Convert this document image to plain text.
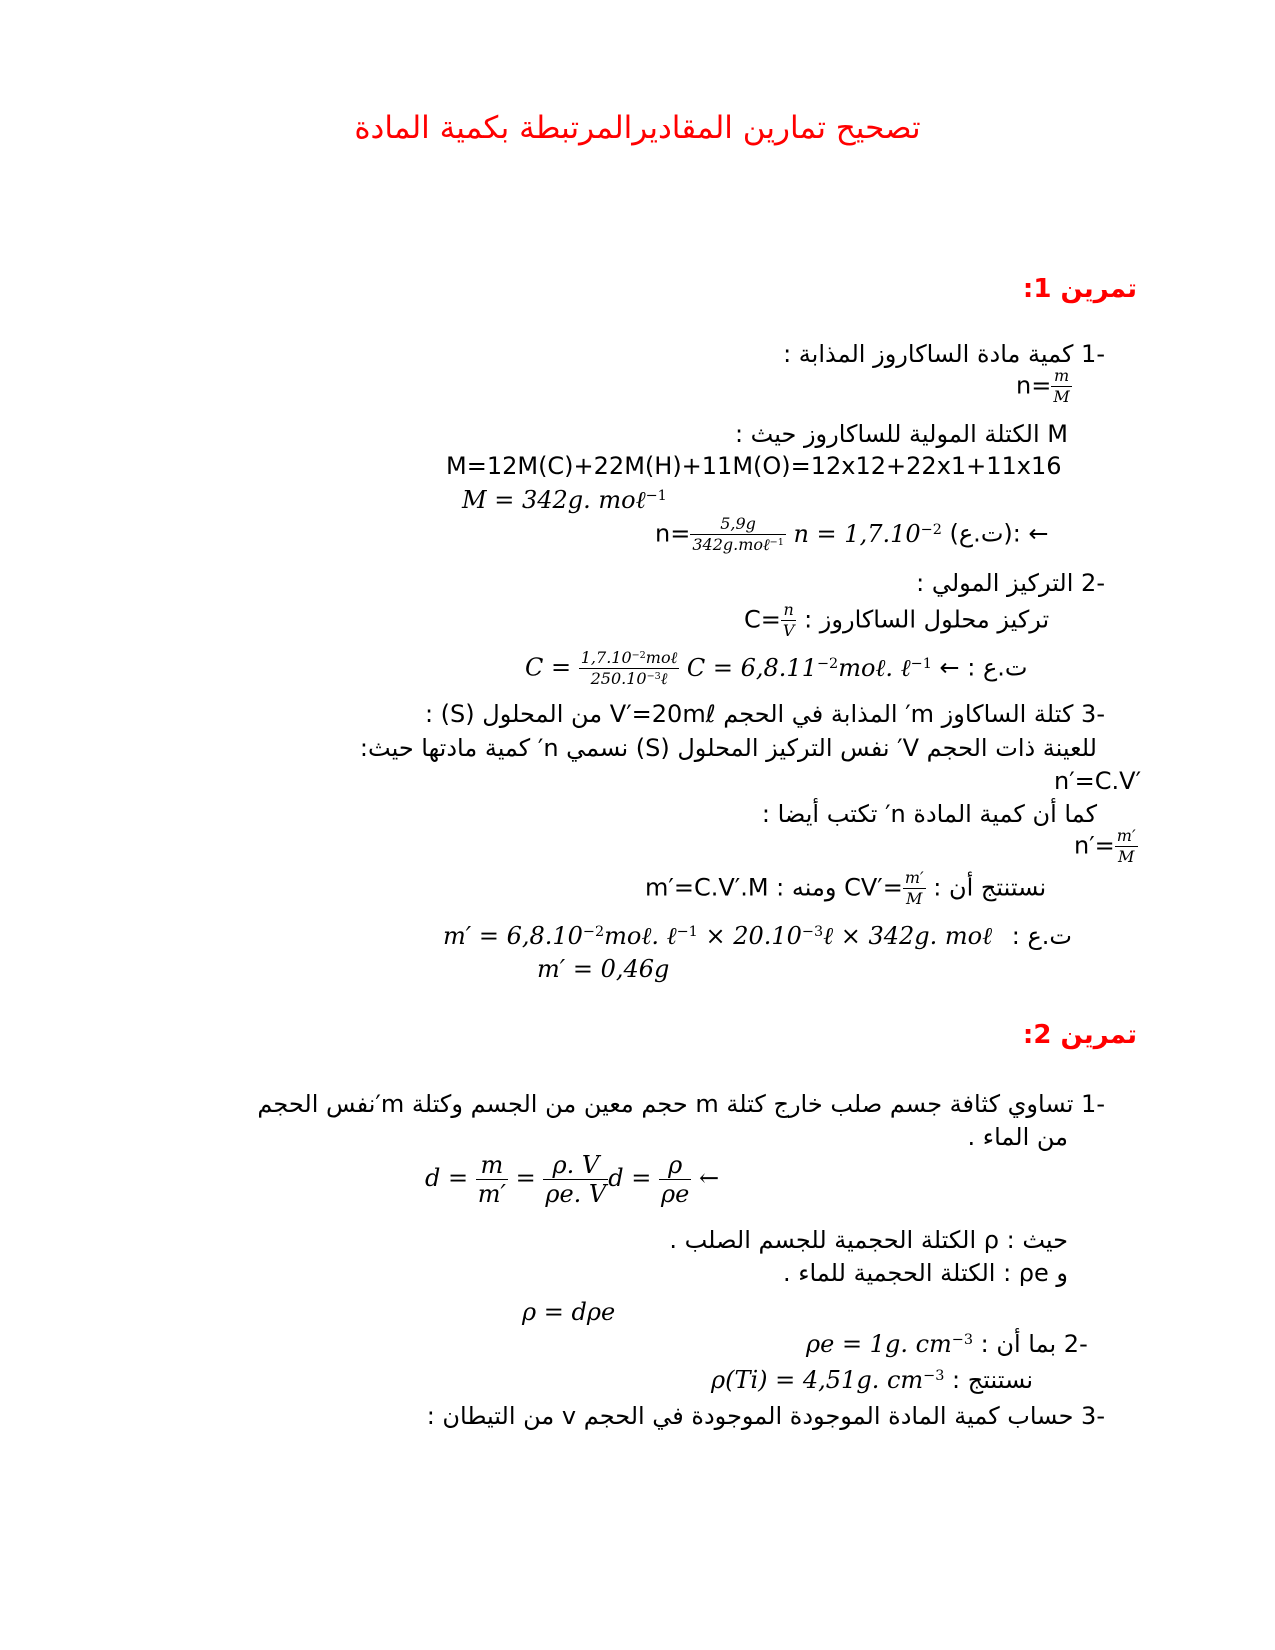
تصحيح تمارين المقاديرالمرتبطة بكمية المادة
تمرين 1:
-1 كمية مادة الساكاروز المذابة :
$n= \frac{m}{M}$
M الكتلة المولية للساكاروز حيث :
M=12M(C)+22M(H)+11M(O)=12x12+22x1+11x16
M = 342g. moℓ$^{-1}$
$n= \frac{5,9g}{342g.mo\ell^{-1}}$ $n = 1,7.10^{-2}$ ← :(ت.ع)
-2 التركيز المولي :
$C= \frac{n}{V}$ تركيز محلول الساكاروز :
$C = \frac{1,7.10^{-2}mo\ell}{250.10^{-3}\ell}$ $C = 6,8.11^{-2}mo\ell$. ℓ$^{-1}$ ت.ع : ←
-3 كتلة الساكاوز m′ المذابة في الحجم V′=20mℓ من المحلول (S) :
للعينة ذات الحجم V′ نفس التركيز المحلول (S) نسمي n′ كمية مادتها حيث:
n′=C.V′
كما أن كمية المادة n′ تكتب أيضا :
$n'= \frac{m'}{M}$
m′=C.V′.M ومنه : $CV'= \frac{m'}{M}$ نستنتج أن :
$m' = 6,8.10^{-2}mo\ell$. ℓ$^{-1}$ × $20.10^{-3}\ell \times 342g$. moℓ ت.ع :
m′ = 0,46g
تمرين 2:
-1 تساوي كثافة جسم صلب خارج كتلة m حجم معين من الجسم وكتلة m′نفس الحجم
من الماء .
$d = \frac{m}{m'} = \frac{\rho. V}{\rho e. V}$ $d = \frac{\rho}{\rho e}$ ←
حيث : ρ الكتلة الحجمية للجسم الصلب .
و ρe : الكتلة الحجمية للماء .
ρ = dρe
ρe = 1g. $cm^{-3}$ -2 بما أن :
ρ(Ti) = 4,51g. $cm^{-3}$ نستنتج :
-3 حساب كمية المادة الموجودة الموجودة في الحجم v من التيطان :
